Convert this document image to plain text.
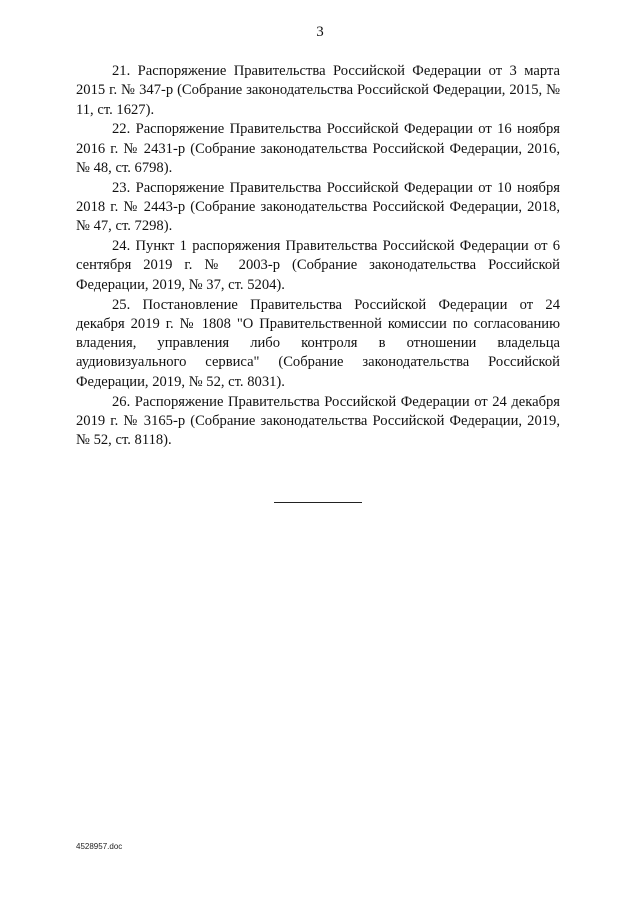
3

21. Распоряжение Правительства Российской Федерации от 3 марта 2015 г. № 347-р (Собрание законодательства Российской Федерации, 2015, № 11, ст. 1627).

22. Распоряжение Правительства Российской Федерации от 16 ноября 2016 г. № 2431-р (Собрание законодательства Российской Федерации, 2016, № 48, ст. 6798).

23. Распоряжение Правительства Российской Федерации от 10 ноября 2018 г. № 2443-р (Собрание законодательства Российской Федерации, 2018, № 47, ст. 7298).

24. Пункт 1 распоряжения Правительства Российской Федерации от 6 сентября 2019 г. № 2003-р (Собрание законодательства Российской Федерации, 2019, № 37, ст. 5204).

25. Постановление Правительства Российской Федерации от 24 декабря 2019 г. № 1808 "О Правительственной комиссии по согласованию владения, управления либо контроля в отношении владельца аудиовизуального сервиса" (Собрание законодательства Российской Федерации, 2019, № 52, ст. 8031).

26. Распоряжение Правительства Российской Федерации от 24 декабря 2019 г. № 3165-р (Собрание законодательства Российской Федерации, 2019, № 52, ст. 8118).

4528957.doc
